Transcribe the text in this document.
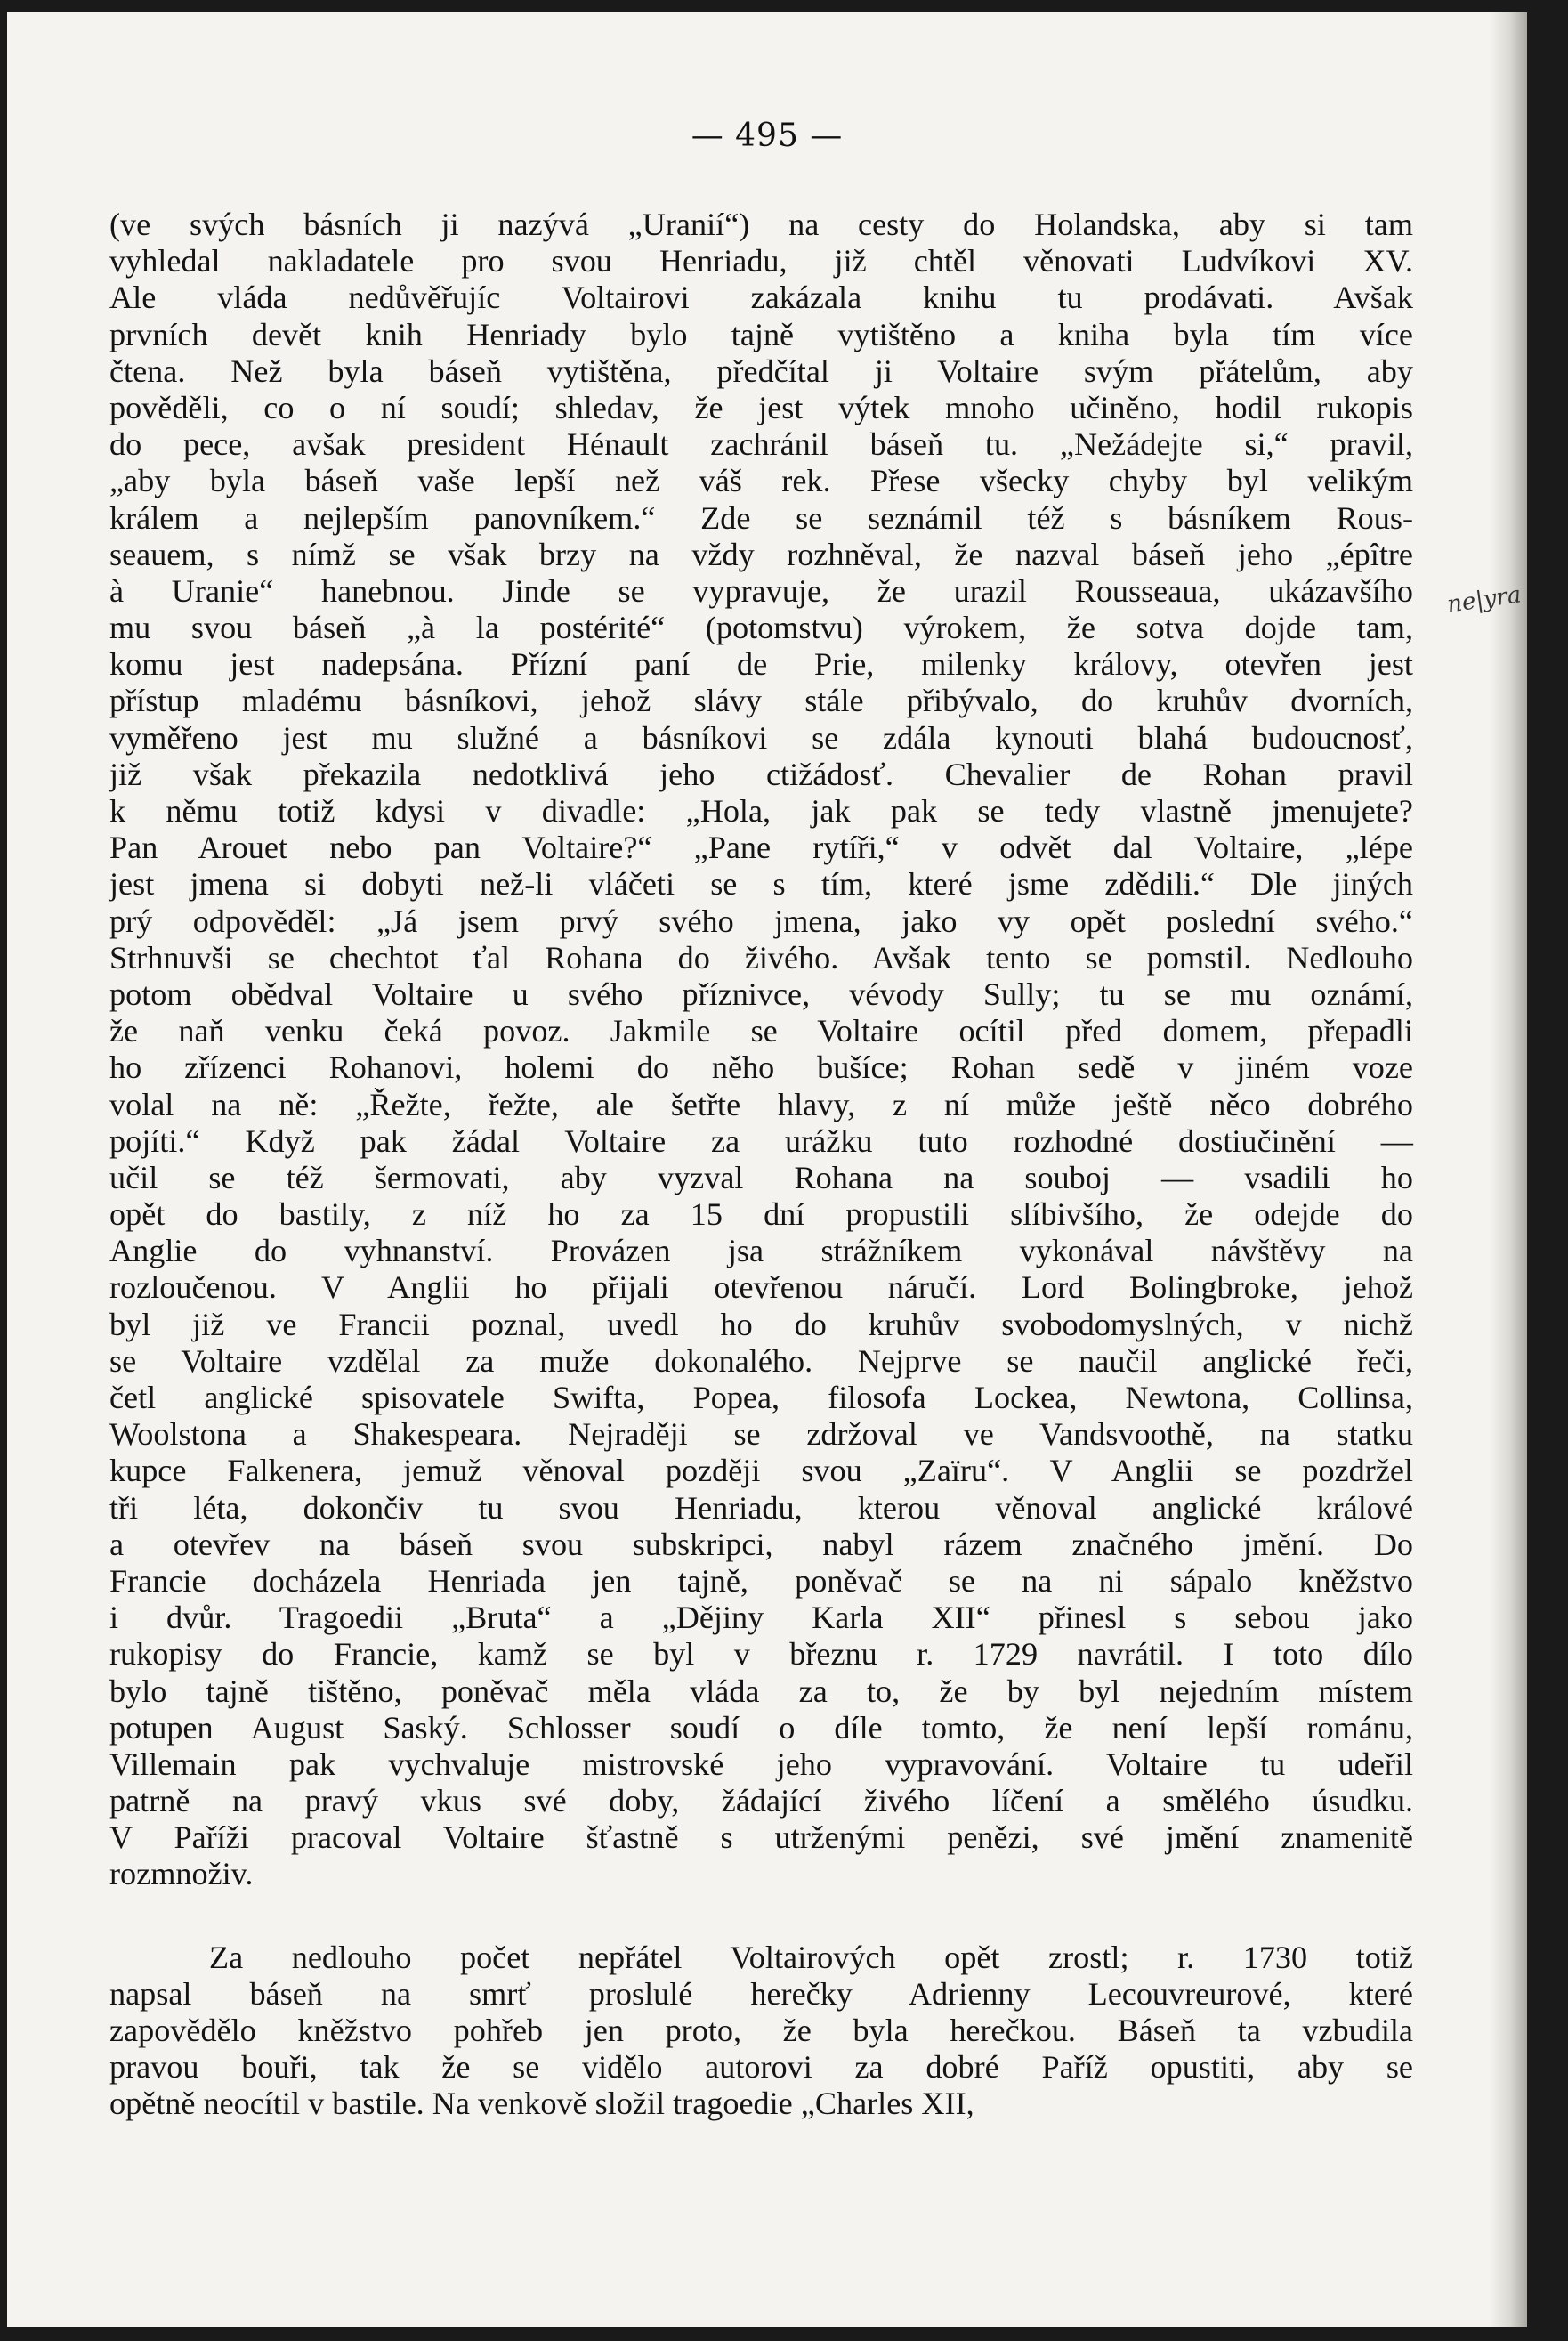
— 495 —
ne|yra
(ve svých básních ji nazývá „Uranií“) na cesty do Holandska, aby si tam
vyhledal nakladatele pro svou Henriadu, již chtěl věnovati Ludvíkovi XV.
Ale vláda nedůvěřujíc Voltairovi zakázala knihu tu prodávati. Avšak
prvních devět knih Henriady bylo tajně vytištěno a kniha byla tím více
čtena. Než byla báseň vytištěna, předčítal ji Voltaire svým přátelům, aby
pověděli, co o ní soudí; shledav, že jest výtek mnoho učiněno, hodil rukopis
do pece, avšak president Hénault zachránil báseň tu. „Nežádejte si,“ pravil,
„aby byla báseň vaše lepší než váš rek. Přese všecky chyby byl velikým
králem a nejlepším panovníkem.“ Zde se seznámil též s básníkem Rous-
seauem, s nímž se však brzy na vždy rozhněval, že nazval báseň jeho „épître
à Uranie“ hanebnou. Jinde se vypravuje, že urazil Rousseaua, ukázavšího
mu svou báseň „à la postérité“ (potomstvu) výrokem, že sotva dojde tam,
komu jest nadepsána. Přízní paní de Prie, milenky královy, otevřen jest
přístup mladému básníkovi, jehož slávy stále přibývalo, do kruhův dvorních,
vyměřeno jest mu služné a básníkovi se zdála kynouti blahá budoucnosť,
již však překazila nedotklivá jeho ctižádosť. Chevalier de Rohan pravil
k němu totiž kdysi v divadle: „Hola, jak pak se tedy vlastně jmenujete?
Pan Arouet nebo pan Voltaire?“ „Pane rytíři,“ v odvět dal Voltaire, „lépe
jest jmena si dobyti než-li vláčeti se s tím, které jsme zdědili.“ Dle jiných
prý odpověděl: „Já jsem prvý svého jmena, jako vy opět poslední svého.“
Strhnuvši se chechtot ťal Rohana do živého. Avšak tento se pomstil. Nedlouho
potom obědval Voltaire u svého příznivce, vévody Sully; tu se mu oznámí,
že naň venku čeká povoz. Jakmile se Voltaire ocítil před domem, přepadli
ho zřízenci Rohanovi, holemi do něho bušíce; Rohan sedě v jiném voze
volal na ně: „Řežte, řežte, ale šetřte hlavy, z ní může ještě něco dobrého
pojíti.“ Když pak žádal Voltaire za urážku tuto rozhodné dostiučinění —
učil se též šermovati, aby vyzval Rohana na souboj — vsadili ho
opět do bastily, z níž ho za 15 dní propustili slíbivšího, že odejde do
Anglie do vyhnanství. Provázen jsa strážníkem vykonával návštěvy na
rozloučenou. V Anglii ho přijali otevřenou náručí. Lord Bolingbroke, jehož
byl již ve Francii poznal, uvedl ho do kruhův svobodomyslných, v nichž
se Voltaire vzdělal za muže dokonalého. Nejprve se naučil anglické řeči,
četl anglické spisovatele Swifta, Popea, filosofa Lockea, Newtona, Collinsa,
Woolstona a Shakespeara. Nejraději se zdržoval ve Vandsvoothě, na statku
kupce Falkenera, jemuž věnoval později svou „Zaïru“. V Anglii se pozdržel
tři léta, dokončiv tu svou Henriadu, kterou věnoval anglické králové
a otevřev na báseň svou subskripci, nabyl rázem značného jmění. Do
Francie docházela Henriada jen tajně, poněvač se na ni sápalo kněžstvo
i dvůr. Tragoedii „Bruta“ a „Dějiny Karla XII“ přinesl s sebou jako
rukopisy do Francie, kamž se byl v březnu r. 1729 navrátil. I toto dílo
bylo tajně tištěno, poněvač měla vláda za to, že by byl nejedním místem
potupen August Saský. Schlosser soudí o díle tomto, že není lepší románu,
Villemain pak vychvaluje mistrovské jeho vypravování. Voltaire tu udeřil
patrně na pravý vkus své doby, žádající živého líčení a smělého úsudku.
V Paříži pracoval Voltaire šťastně s utrženými penězi, své jmění znamenitě
rozmnoživ.
Za nedlouho počet nepřátel Voltairových opět zrostl; r. 1730 totiž
napsal báseň na smrť proslulé herečky Adrienny Lecouvreurové, které
zapovědělo kněžstvo pohřeb jen proto, že byla herečkou. Báseň ta vzbudila
pravou bouři, tak že se vidělo autorovi za dobré Paříž opustiti, aby se
opětně neocítil v bastile. Na venkově složil tragoedie „Charles XII,
